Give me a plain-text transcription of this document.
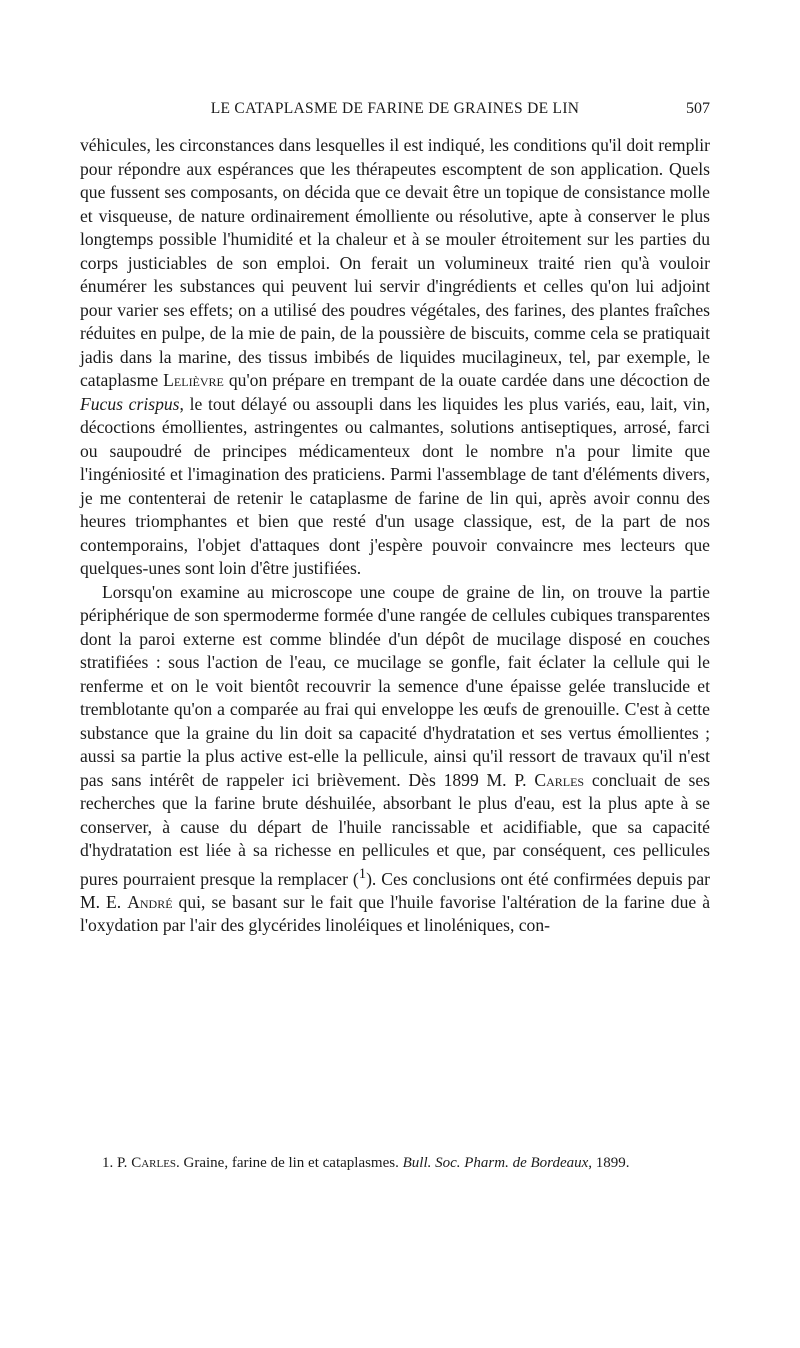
LE CATAPLASME DE FARINE DE GRAINES DE LIN	507

véhicules, les circonstances dans lesquelles il est indiqué, les conditions qu'il doit remplir pour répondre aux espérances que les thérapeutes escomptent de son application. Quels que fussent ses composants, on décida que ce devait être un topique de consistance molle et visqueuse, de nature ordinairement émolliente ou résolutive, apte à conserver le plus longtemps possible l'humidité et la chaleur et à se mouler étroitement sur les parties du corps justiciables de son emploi. On ferait un volumineux traité rien qu'à vouloir énumérer les substances qui peuvent lui servir d'ingrédients et celles qu'on lui adjoint pour varier ses effets; on a utilisé des poudres végétales, des farines, des plantes fraîches réduites en pulpe, de la mie de pain, de la poussière de biscuits, comme cela se pratiquait jadis dans la marine, des tissus imbibés de liquides mucilagineux, tel, par exemple, le cataplasme Lelièvre qu'on prépare en trempant de la ouate cardée dans une décoction de Fucus crispus, le tout délayé ou assoupli dans les liquides les plus variés, eau, lait, vin, décoctions émollientes, astringentes ou calmantes, solutions antiseptiques, arrosé, farci ou saupoudré de principes médicamenteux dont le nombre n'a pour limite que l'ingéniosité et l'imagination des praticiens. Parmi l'assemblage de tant d'éléments divers, je me contenterai de retenir le cataplasme de farine de lin qui, après avoir connu des heures triomphantes et bien que resté d'un usage classique, est, de la part de nos contemporains, l'objet d'attaques dont j'espère pouvoir convaincre mes lecteurs que quelques-unes sont loin d'être justifiées.

Lorsqu'on examine au microscope une coupe de graine de lin, on trouve la partie périphérique de son spermoderme formée d'une rangée de cellules cubiques transparentes dont la paroi externe est comme blindée d'un dépôt de mucilage disposé en couches stratifiées : sous l'action de l'eau, ce mucilage se gonfle, fait éclater la cellule qui le renferme et on le voit bientôt recouvrir la semence d'une épaisse gelée translucide et tremblotante qu'on a comparée au frai qui enveloppe les œufs de grenouille. C'est à cette substance que la graine du lin doit sa capacité d'hydratation et ses vertus émollientes ; aussi sa partie la plus active est-elle la pellicule, ainsi qu'il ressort de travaux qu'il n'est pas sans intérêt de rappeler ici brièvement. Dès 1899 M. P. Carles concluait de ses recherches que la farine brute déshuilée, absorbant le plus d'eau, est la plus apte à se conserver, à cause du départ de l'huile rancissable et acidifiable, que sa capacité d'hydratation est liée à sa richesse en pellicules et que, par conséquent, ces pellicules pures pourraient presque la remplacer ($^1$). Ces conclusions ont été confirmées depuis par M. E. André qui, se basant sur le fait que l'huile favorise l'altération de la farine due à l'oxydation par l'air des glycérides linoléiques et linoléniques, con-

1. P. Carles. Graine, farine de lin et cataplasmes. Bull. Soc. Pharm. de Bordeaux, 1899.
